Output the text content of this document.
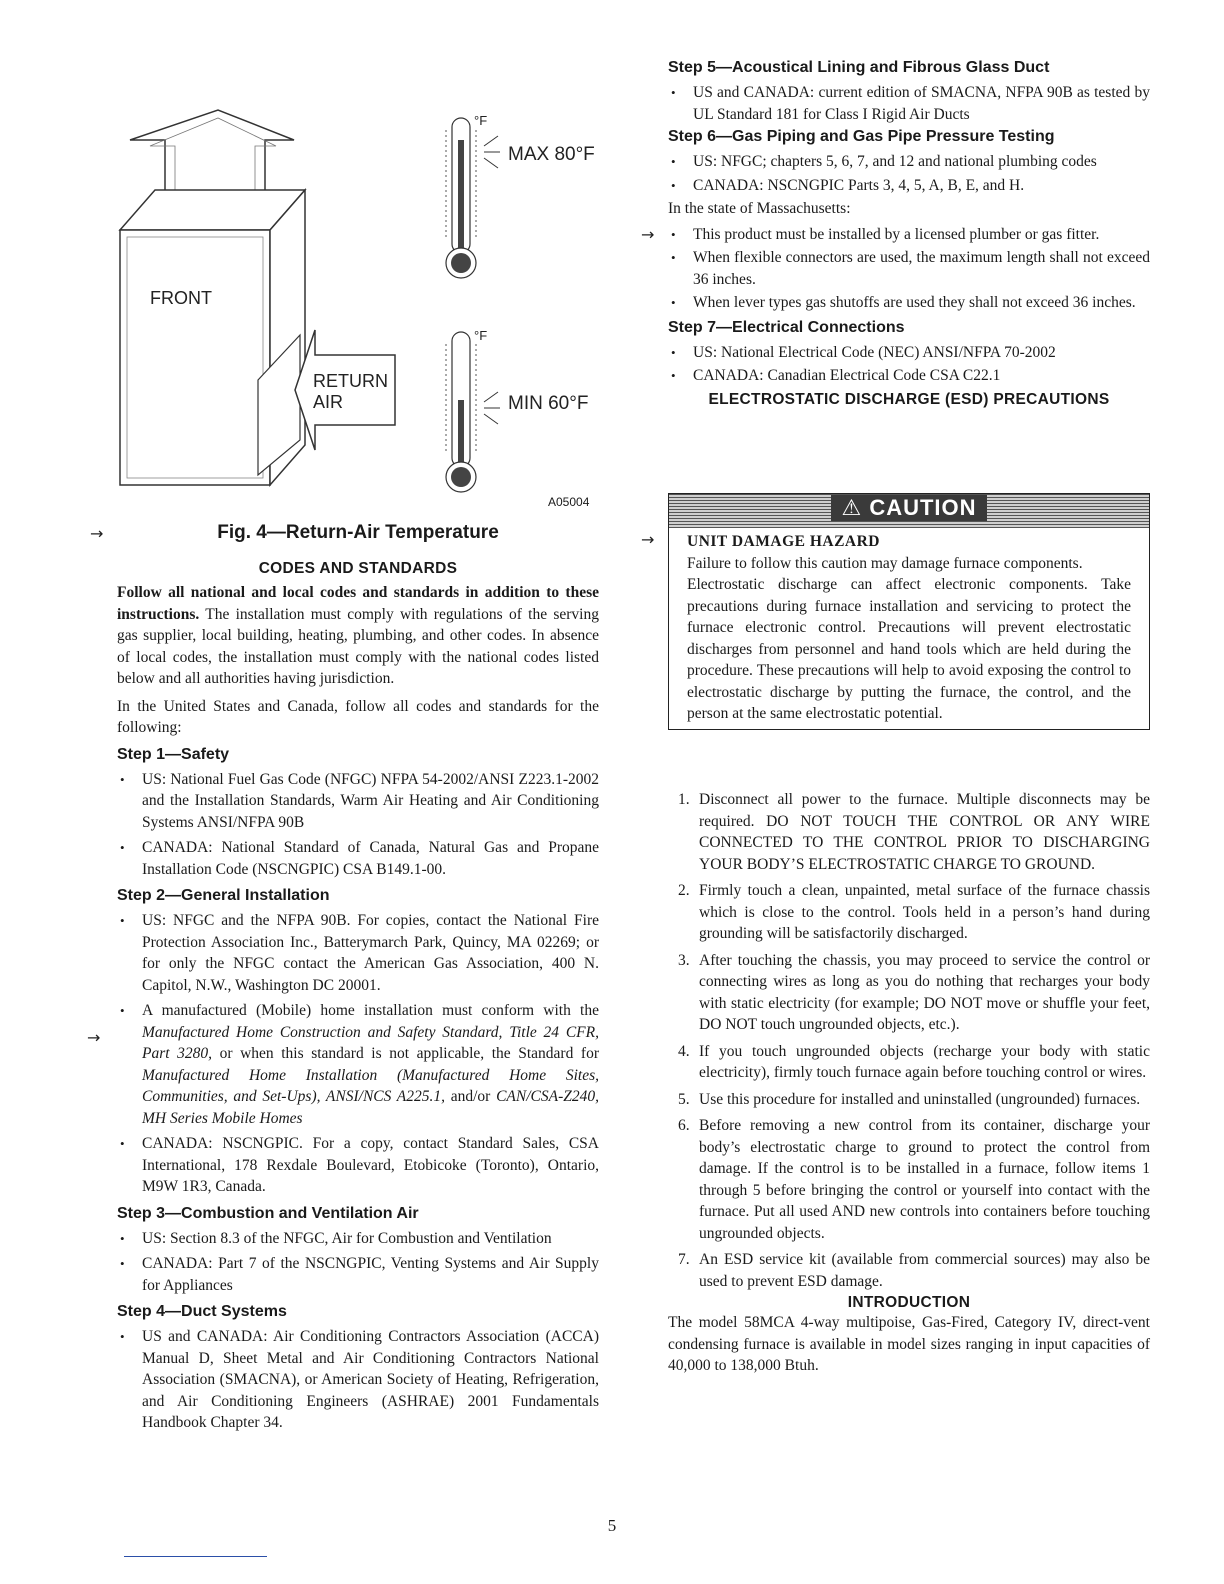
FRONT
RETURN
AIR
°F
MAX 80°F
°F
MIN 60°F
A05004
→	Fig. 4—Return-Air Temperature
CODES AND STANDARDS

Follow all national and local codes and standards in addition to these instructions. The installation must comply with regulations of the serving gas supplier, local building, heating, plumbing, and other codes. In absence of local codes, the installation must comply with the national codes listed below and all authorities having jurisdiction.

In the United States and Canada, follow all codes and standards for the following:

Step 1—Safety
• US: National Fuel Gas Code (NFGC) NFPA 54-2002/ANSI Z223.1-2002 and the Installation Standards, Warm Air Heating and Air Conditioning Systems ANSI/NFPA 90B
• CANADA: National Standard of Canada, Natural Gas and Propane Installation Code (NSCNGPIC) CSA B149.1-00.
Step 2—General Installation
• US: NFGC and the NFPA 90B. For copies, contact the National Fire Protection Association Inc., Batterymarch Park, Quincy, MA 02269; or for only the NFGC contact the American Gas Association, 400 N. Capitol, N.W., Washington DC 20001.
• A manufactured (Mobile) home installation must conform with the Manufactured Home Construction and Safety Standard, Title 24 CFR, Part 3280, or when this standard is not applicable, the Standard for Manufactured Home Installation (Manufactured Home Sites, Communities, and Set-Ups), ANSI/NCS A225.1, and/or CAN/CSA-Z240, MH Series Mobile Homes
• CANADA: NSCNGPIC. For a copy, contact Standard Sales, CSA International, 178 Rexdale Boulevard, Etobicoke (Toronto), Ontario, M9W 1R3, Canada.
Step 3—Combustion and Ventilation Air
• US: Section 8.3 of the NFGC, Air for Combustion and Ventilation
• CANADA: Part 7 of the NSCNGPIC, Venting Systems and Air Supply for Appliances
Step 4—Duct Systems
• US and CANADA: Air Conditioning Contractors Association (ACCA) Manual D, Sheet Metal and Air Conditioning Contractors National Association (SMACNA), or American Society of Heating, Refrigeration, and Air Conditioning Engineers (ASHRAE) 2001 Fundamentals Handbook Chapter 34.
→
Step 5—Acoustical Lining and Fibrous Glass Duct
• US and CANADA: current edition of SMACNA, NFPA 90B as tested by UL Standard 181 for Class I Rigid Air Ducts
Step 6—Gas Piping and Gas Pipe Pressure Testing
• US: NFGC; chapters 5, 6, 7, and 12 and national plumbing codes
• CANADA: NSCNGPIC Parts 3, 4, 5, A, B, E, and H.
In the state of Massachusetts:
• This product must be installed by a licensed plumber or gas fitter.
• When flexible connectors are used, the maximum length shall not exceed 36 inches.
• When lever types gas shutoffs are used they shall not exceed 36 inches.
Step 7—Electrical Connections
• US: National Electrical Code (NEC) ANSI/NFPA 70-2002
• CANADA: Canadian Electrical Code CSA C22.1
ELECTROSTATIC DISCHARGE (ESD) PRECAUTIONS
→
⚠ CAUTION
UNIT DAMAGE HAZARD
Failure to follow this caution may damage furnace components.
Electrostatic discharge can affect electronic components. Take precautions during furnace installation and servicing to protect the furnace electronic control. Precautions will prevent electrostatic discharges from personnel and hand tools which are held during the procedure. These precautions will help to avoid exposing the control to electrostatic discharge by putting the furnace, the control, and the person at the same electrostatic potential.
→
1. Disconnect all power to the furnace. Multiple disconnects may be required. DO NOT TOUCH THE CONTROL OR ANY WIRE CONNECTED TO THE CONTROL PRIOR TO DISCHARGING YOUR BODY’S ELECTROSTATIC CHARGE TO GROUND.
2. Firmly touch a clean, unpainted, metal surface of the furnace chassis which is close to the control. Tools held in a person’s hand during grounding will be satisfactorily discharged.
3. After touching the chassis, you may proceed to service the control or connecting wires as long as you do nothing that recharges your body with static electricity (for example; DO NOT move or shuffle your feet, DO NOT touch ungrounded objects, etc.).
4. If you touch ungrounded objects (recharge your body with static electricity), firmly touch furnace again before touching control or wires.
5. Use this procedure for installed and uninstalled (ungrounded) furnaces.
6. Before removing a new control from its container, discharge your body’s electrostatic charge to ground to protect the control from damage. If the control is to be installed in a furnace, follow items 1 through 5 before bringing the control or yourself into contact with the furnace. Put all used AND new controls into containers before touching ungrounded objects.
7. An ESD service kit (available from commercial sources) may also be used to prevent ESD damage.
INTRODUCTION

The model 58MCA 4-way multipoise, Gas-Fired, Category IV, direct-vent condensing furnace is available in model sizes ranging in input capacities of 40,000 to 138,000 Btuh.

5
